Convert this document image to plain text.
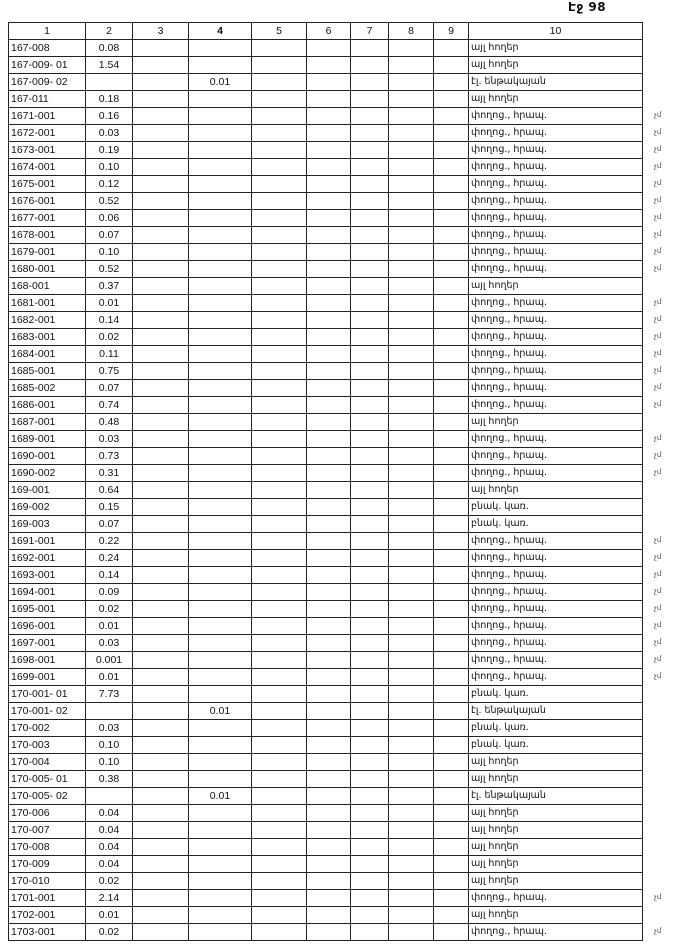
Էջ 98
1	2	3	4	5	6	7	8	9	10
167-008	0.08								այլ հողեր
167-009- 01	1.54								այլ հողեր
167-009- 02			0.01						էլ. ենթակայան
167-011	0.18								այլ հողեր
1671-001	0.16								փողոց., հրապ.
1672-001	0.03								փողոց., հրապ.
1673-001	0.19								փողոց., հրապ.
1674-001	0.10								փողոց., հրապ.
1675-001	0.12								փողոց., հրապ.
1676-001	0.52								փողոց., հրապ.
1677-001	0.06								փողոց., հրապ.
1678-001	0.07								փողոց., հրապ.
1679-001	0.10								փողոց., հրապ.
1680-001	0.52								փողոց., հրապ.
168-001	0.37								այլ հողեր
1681-001	0.01								փողոց., հրապ.
1682-001	0.14								փողոց., հրապ.
1683-001	0.02								փողոց., հրապ.
1684-001	0.11								փողոց., հրապ.
1685-001	0.75								փողոց., հրապ.
1685-002	0.07								փողոց., հրապ.
1686-001	0.74								փողոց., հրապ.
1687-001	0.48								այլ հողեր
1689-001	0.03								փողոց., հրապ.
1690-001	0.73								փողոց., հրապ.
1690-002	0.31								փողոց., հրապ.
169-001	0.64								այլ հողեր
169-002	0.15								բնակ. կառ.
169-003	0.07								բնակ. կառ.
1691-001	0.22								փողոց., հրապ.
1692-001	0.24								փողոց., հրապ.
1693-001	0.14								փողոց., հրապ.
1694-001	0.09								փողոց., հրապ.
1695-001	0.02								փողոց., հրապ.
1696-001	0.01								փողոց., հրապ.
1697-001	0.03								փողոց., հրապ.
1698-001	0.001								փողոց., հրապ.
1699-001	0.01								փողոց., հրապ.
170-001- 01	7.73								բնակ. կառ.
170-001- 02			0.01						էլ. ենթակայան
170-002	0.03								բնակ. կառ.
170-003	0.10								բնակ. կառ.
170-004	0.10								այլ հողեր
170-005- 01	0.38								այլ հողեր
170-005- 02			0.01						էլ. ենթակայան
170-006	0.04								այլ հողեր
170-007	0.04								այլ հողեր
170-008	0.04								այլ հողեր
170-009	0.04								այլ հողեր
170-010	0.02								այլ հողեր
1701-001	2.14								փողոց., հրապ.
1702-001	0.01								այլ հողեր
1703-001	0.02								փողոց., հրապ.
չմ
չմ
չմ
չմ
չմ
չմ
չմ
չմ
չմ
չմ
չմ
չմ
չմ
չմ
չմ
չմ
չմ
չմ
չմ
չմ
չմ
չմ
չմ
չմ
չմ
չմ
չմ
չմ
չմ
չմ
չմ
